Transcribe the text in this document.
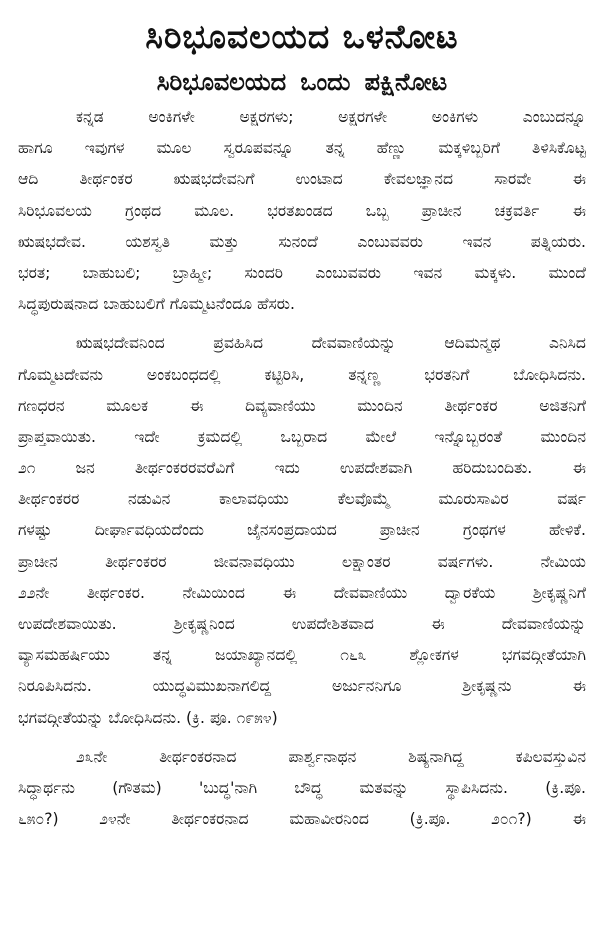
ಸಿರಿಭೂವಲಯದ ಒಳನೋಟ
ಸಿರಿಭೂವಲಯದ ಒಂದು ಪಕ್ಷಿನೋಟ
ಕನ್ನಡ ಅಂಕಿಗಳೇ ಅಕ್ಷರಗಳು; ಅಕ್ಷರಗಳೇ ಅಂಕಿಗಳು ಎಂಬುದನ್ನೂ
ಹಾಗೂ ಇವುಗಳ ಮೂಲ ಸ್ವರೂಪವನ್ನೂ ತನ್ನ ಹೆಣ್ಣು ಮಕ್ಕಳಿಬ್ಬರಿಗೆ ತಿಳಿಸಿಕೊಟ್ಟ
ಆದಿ ತೀರ್ಥಂಕರ ಋಷಭದೇವನಿಗೆ ಉಂಟಾದ ಕೇವಲಜ್ಞಾನದ ಸಾರವೇ ಈ
ಸಿರಿಭೂವಲಯ ಗ್ರಂಥದ ಮೂಲ. ಭರತಖಂಡದ ಒಬ್ಬ ಪ್ರಾಚೀನ ಚಕ್ರವರ್ತಿ ಈ
ಋಷಭದೇವ. ಯಶಸ್ವತಿ ಮತ್ತು ಸುನಂದೆ ಎಂಬುವವರು ಇವನ ಪತ್ನಿಯರು.
ಭರತ; ಬಾಹುಬಲಿ; ಬ್ರಾಹ್ಮೀ; ಸುಂದರಿ ಎಂಬುವವರು ಇವನ ಮಕ್ಕಳು. ಮುಂದೆ
ಸಿದ್ಧಪುರುಷನಾದ ಬಾಹುಬಲಿಗೆ ಗೊಮ್ಮಟನೆಂದೂ ಹೆಸರು.
ಋಷಭದೇವನಿಂದ ಪ್ರವಹಿಸಿದ ದೇವವಾಣಿಯನ್ನು ಆದಿಮನ್ಮಥ ಎನಿಸಿದ
ಗೊಮ್ಮಟದೇವನು ಅಂಕಬಂಧದಲ್ಲಿ ಕಟ್ಟಿರಿಸಿ, ತನ್ನಣ್ಣ ಭರತನಿಗೆ ಬೋಧಿಸಿದನು.
ಗಣಧರನ ಮೂಲಕ ಈ ದಿವ್ಯವಾಣಿಯು ಮುಂದಿನ ತೀರ್ಥಂಕರ ಅಜಿತನಿಗೆ
ಪ್ರಾಪ್ತವಾಯಿತು. ಇದೇ ಕ್ರಮದಲ್ಲಿ ಒಬ್ಬರಾದ ಮೇಲೆ ಇನ್ನೊಬ್ಬರಂತೆ ಮುಂದಿನ
೨೧ ಜನ ತೀರ್ಥಂಕರರವರೆವಿಗೆ ಇದು ಉಪದೇಶವಾಗಿ ಹರಿದುಬಂದಿತು. ಈ
ತೀರ್ಥಂಕರರ ನಡುವಿನ ಕಾಲಾವಧಿಯು ಕೆಲವೊಮ್ಮೆ ಮೂರುಸಾವಿರ ವರ್ಷ
ಗಳಷ್ಟು ದೀರ್ಘಾವಧಿಯದೆಂದು ಜೈನಸಂಪ್ರದಾಯದ ಪ್ರಾಚೀನ ಗ್ರಂಥಗಳ ಹೇಳಿಕೆ.
ಪ್ರಾಚೀನ ತೀರ್ಥಂಕರರ ಜೀವನಾವಧಿಯು ಲಕ್ಷಾಂತರ ವರ್ಷಗಳು. ನೇಮಿಯ
೨೨ನೇ ತೀರ್ಥಂಕರ. ನೇಮಿಯಿಂದ ಈ ದೇವವಾಣಿಯು ದ್ವಾರಕೆಯ ಶ್ರೀಕೃಷ್ಣನಿಗೆ
ಉಪದೇಶವಾಯಿತು. ಶ್ರೀಕೃಷ್ಣನಿಂದ ಉಪದೇಶಿತವಾದ ಈ ದೇವವಾಣಿಯನ್ನು
ವ್ಯಾಸಮಹರ್ಷಿಯು ತನ್ನ ಜಯಾಖ್ಯಾನದಲ್ಲಿ ೧೬೩ ಶ್ಲೋಕಗಳ ಭಗವದ್ಗೀತೆಯಾಗಿ
ನಿರೂಪಿಸಿದನು. ಯುದ್ಧವಿಮುಖನಾಗಲಿದ್ದ ಅರ್ಜುನನಿಗೂ ಶ್ರೀಕೃಷ್ಣನು ಈ
ಭಗವದ್ಗೀತೆಯನ್ನು ಬೋಧಿಸಿದನು. (ಕ್ರಿ. ಪೂ. ೧೯೫೪)
೨೩ನೇ ತೀರ್ಥಂಕರನಾದ ಪಾರ್ಶ್ವನಾಥನ ಶಿಷ್ಯನಾಗಿದ್ದ ಕಪಿಲವಸ್ತುವಿನ
ಸಿದ್ಧಾರ್ಥನು (ಗೌತಮ) 'ಬುದ್ಧ'ನಾಗಿ ಬೌದ್ಧ ಮತವನ್ನು ಸ್ಥಾಪಿಸಿದನು. (ಕ್ರಿ.ಪೂ.
೬೫೦?) ೨೪ನೇ ತೀರ್ಥಂಕರನಾದ ಮಹಾವೀರನಿಂದ (ಕ್ರಿ.ಪೂ. ೨೦೧?) ಈ
